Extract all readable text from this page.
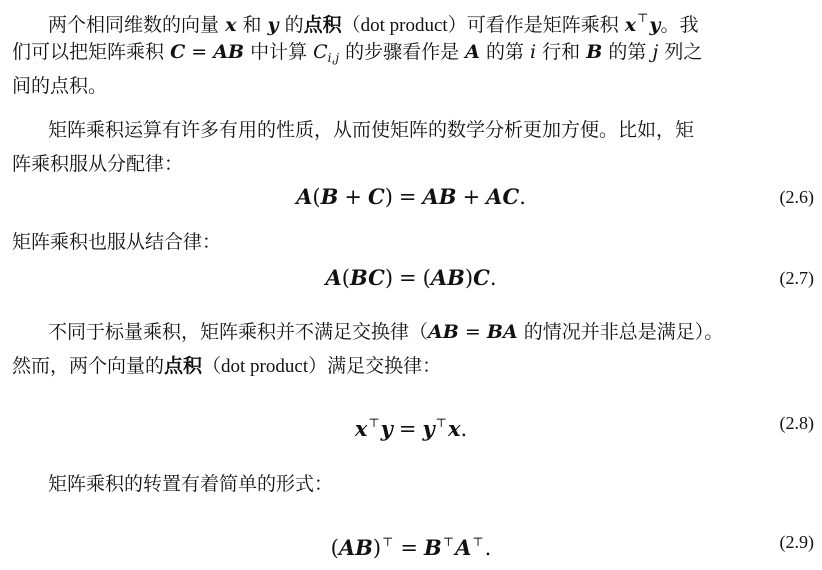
两个相同维数的向量 x 和 y 的点积（dot product）可看作是矩阵乘积 x⊤y。我
们可以把矩阵乘积 C = AB 中计算 $C_{i,j}$ 的步骤看作是 A 的第 i 行和 B 的第 j 列之
间的点积。
矩阵乘积运算有许多有用的性质，从而使矩阵的数学分析更加方便。比如，矩
阵乘积服从分配律：
A(B + C) = AB + AC.	(2.6)
矩阵乘积也服从结合律：
A(BC) = (AB)C.	(2.7)
不同于标量乘积，矩阵乘积并不满足交换律（AB = BA 的情况并非总是满足）。
然而，两个向量的点积（dot product）满足交换律：
x⊤y = y⊤x.	(2.8)
矩阵乘积的转置有着简单的形式：
(AB)⊤ = B⊤A⊤.	(2.9)
